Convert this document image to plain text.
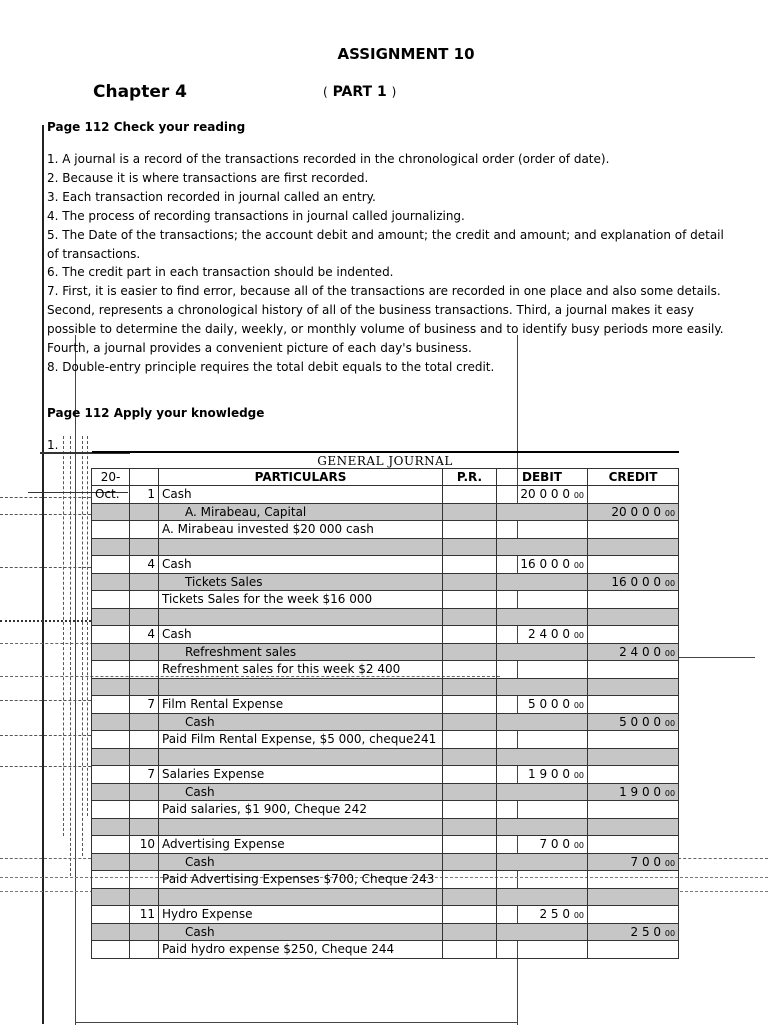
ASSIGNMENT 10
Chapter 4	( PART 1 )
Page 112 Check your reading
1. A journal is a record of the transactions recorded in the chronological order (order of date).
2. Because it is where transactions are first recorded.
3. Each transaction recorded in journal called an entry.
4. The process of recording transactions in journal called journalizing.
5. The Date of the transactions; the account debit and amount; the credit and amount; and explanation of detail of transactions.
6. The credit part in each transaction should be indented.
7. First, it is easier to find error, because all of the transactions are recorded in one place and also some details. Second, represents a chronological history of all of the business transactions. Third, a journal makes it easy possible to determine the daily, weekly, or monthly volume of business and to identify busy periods more easily. Fourth, a journal provides a convenient picture of each day's business.
8. Double-entry principle requires the total debit equals to the total credit.
Page 112 Apply your knowledge
1.
GENERAL JOURNAL					
20-		PARTICULARS	P.R.	DEBIT	CREDIT
Oct.	1	Cash		20 0 0 0 00	
		A. Mirabeau, Capital			20 0 0 0 00
		A. Mirabeau invested $20 000 cash			

	4	Cash		16 0 0 0 00	
		Tickets Sales			16 0 0 0 00
		Tickets Sales for the week $16 000			

	4	Cash		2 4 0 0 00	
		Refreshment sales			2 4 0 0 00
		Refreshment sales for this week $2 400			

	7	Film Rental Expense		5 0 0 0 00	
		Cash			5 0 0 0 00
		Paid Film Rental Expense, $5 000, cheque241			

	7	Salaries Expense		1 9 0 0 00	
		Cash			1 9 0 0 00
		Paid salaries, $1 900, Cheque 242			

	10	Advertising Expense		7 0 0 00	
		Cash			7 0 0 00
		Paid Advertising Expenses $700, Cheque 243			

	11	Hydro Expense		2 5 0 00	
		Cash			2 5 0 00
		Paid hydro expense $250, Cheque 244			
